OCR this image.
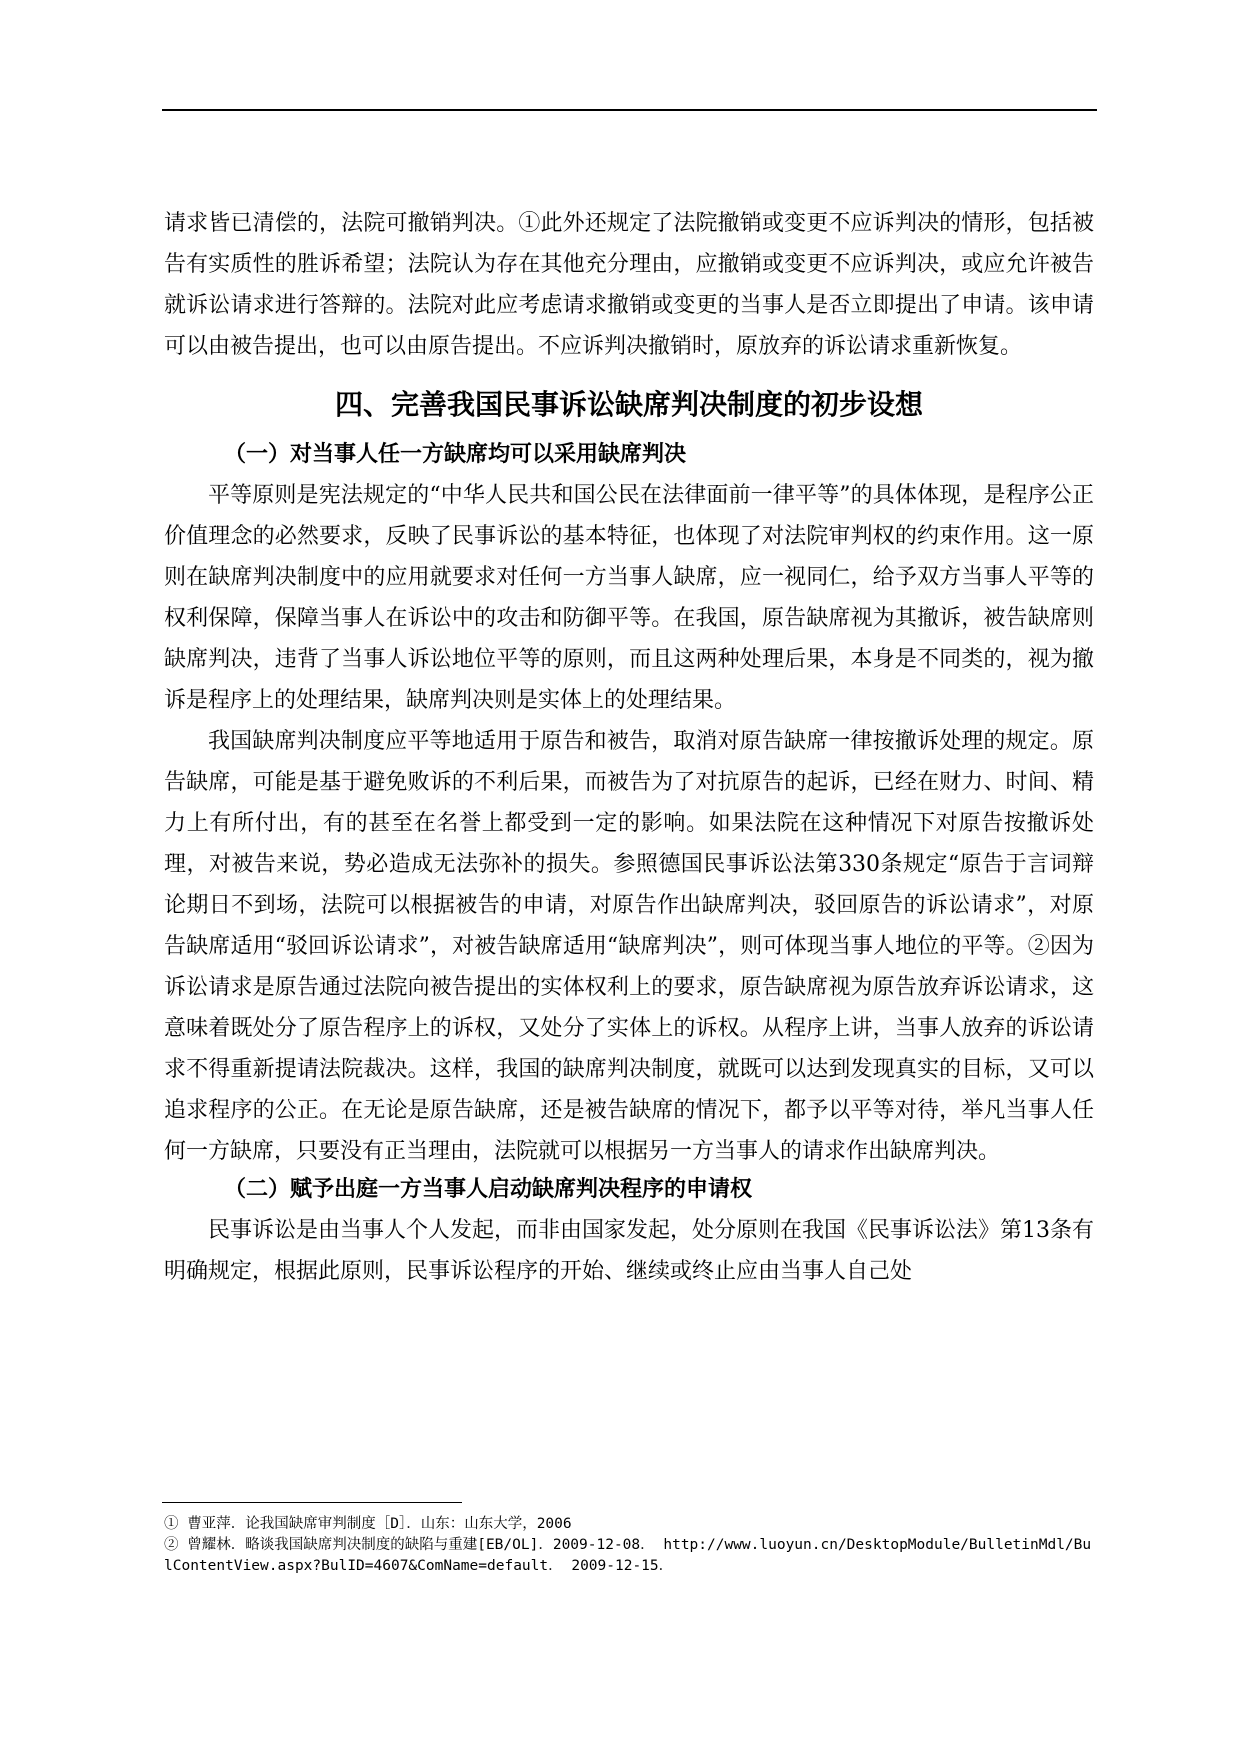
请求皆已清偿的，法院可撤销判决。①此外还规定了法院撤销或变更不应诉判决的情形，包括被告有实质性的胜诉希望；法院认为存在其他充分理由，应撤销或变更不应诉判决，或应允许被告就诉讼请求进行答辩的。法院对此应考虑请求撤销或变更的当事人是否立即提出了申请。该申请可以由被告提出，也可以由原告提出。不应诉判决撤销时，原放弃的诉讼请求重新恢复。

四、完善我国民事诉讼缺席判决制度的初步设想
（一）对当事人任一方缺席均可以采用缺席判决

平等原则是宪法规定的“中华人民共和国公民在法律面前一律平等”的具体体现，是程序公正价值理念的必然要求，反映了民事诉讼的基本特征，也体现了对法院审判权的约束作用。这一原则在缺席判决制度中的应用就要求对任何一方当事人缺席，应一视同仁，给予双方当事人平等的权利保障，保障当事人在诉讼中的攻击和防御平等。在我国，原告缺席视为其撤诉，被告缺席则缺席判决，违背了当事人诉讼地位平等的原则，而且这两种处理后果，本身是不同类的，视为撤诉是程序上的处理结果，缺席判决则是实体上的处理结果。

我国缺席判决制度应平等地适用于原告和被告，取消对原告缺席一律按撤诉处理的规定。原告缺席，可能是基于避免败诉的不利后果，而被告为了对抗原告的起诉，已经在财力、时间、精力上有所付出，有的甚至在名誉上都受到一定的影响。如果法院在这种情况下对原告按撤诉处理，对被告来说，势必造成无法弥补的损失。参照德国民事诉讼法第330条规定“原告于言词辩论期日不到场，法院可以根据被告的申请，对原告作出缺席判决，驳回原告的诉讼请求”，对原告缺席适用“驳回诉讼请求”，对被告缺席适用“缺席判决”，则可体现当事人地位的平等。②因为诉讼请求是原告通过法院向被告提出的实体权利上的要求，原告缺席视为原告放弃诉讼请求，这意味着既处分了原告程序上的诉权，又处分了实体上的诉权。从程序上讲，当事人放弃的诉讼请求不得重新提请法院裁决。这样，我国的缺席判决制度，就既可以达到发现真实的目标，又可以追求程序的公正。在无论是原告缺席，还是被告缺席的情况下，都予以平等对待，举凡当事人任何一方缺席，只要没有正当理由，法院就可以根据另一方当事人的请求作出缺席判决。

（二）赋予出庭一方当事人启动缺席判决程序的申请权

民事诉讼是由当事人个人发起，而非由国家发起，处分原则在我国《民事诉讼法》第13条有明确规定，根据此原则，民事诉讼程序的开始、继续或终止应由当事人自己处

① 曹亚萍．论我国缺席审判制度［D］．山东：山东大学，2006

② 曾耀林．略谈我国缺席判决制度的缺陷与重建[EB/OL]．2009-12-08． http://www.luoyun.cn/DesktopModule/BulletinMdl/BulContentView.aspx?BulID=4607&ComName=default． 2009-12-15．
